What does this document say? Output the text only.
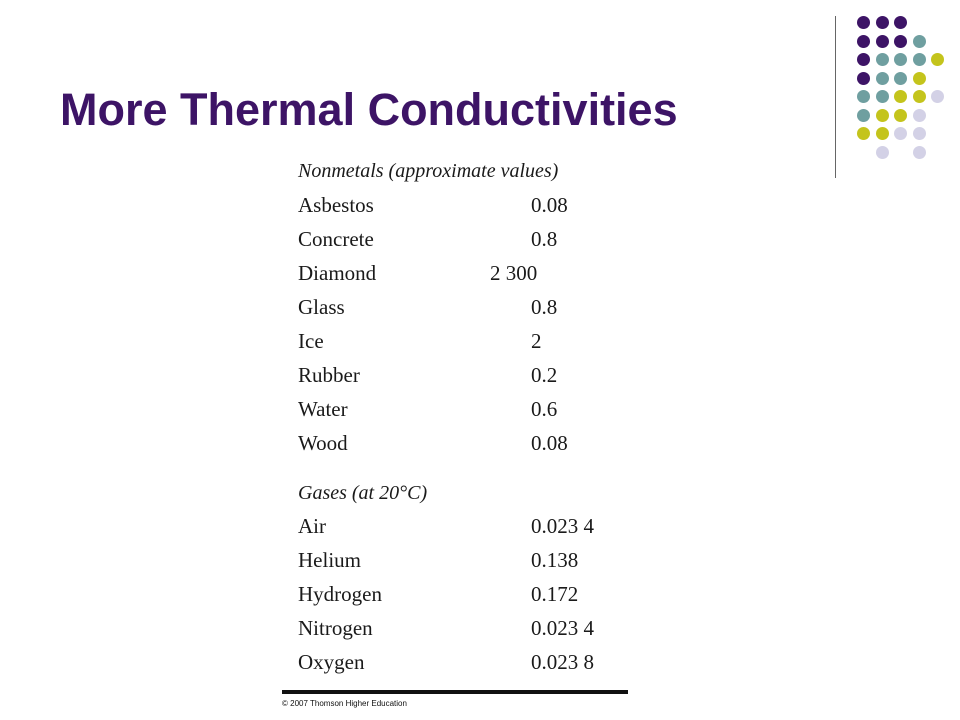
More Thermal Conductivities
Nonmetals (approximate values)
Asbestos	0.08
Concrete	0.8
Diamond	2 300
Glass	0.8
Ice	2
Rubber	0.2
Water	0.6
Wood	0.08
Gases (at 20°C)
Air	0.023 4
Helium	0.138
Hydrogen	0.172
Nitrogen	0.023 4
Oxygen	0.023 8
© 2007 Thomson Higher Education
